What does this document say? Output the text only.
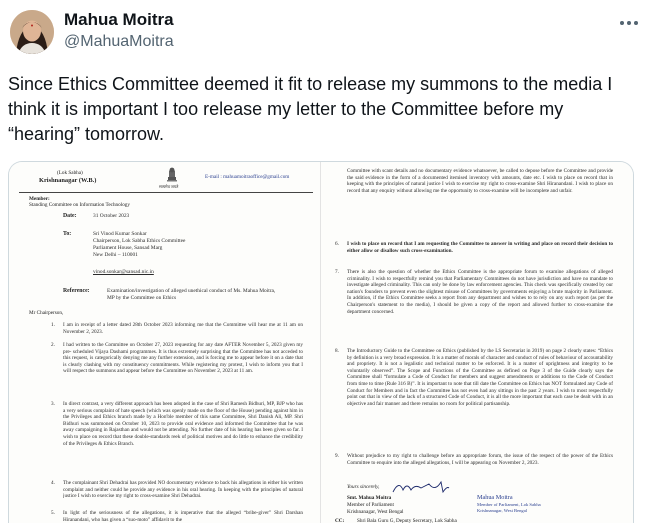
Mahua Moitra
@MahuaMoitra
Since Ethics Committee deemed it fit to release my summons to the media I think it is important I too release my letter to the Committee before my “hearing” tomorrow.
(Lok Sabha)
Krishnanagar (W.B.)
सत्यमेव जयते
E-mail : mahuamoitraoffice@gmail.com
Member:
Standing Committee on Information Technology
Date:	31 October 2023
To:	Sri Vinod Kumar Sonkar
Chairperson, Lok Sabha Ethics Committee
Parliament House, Sansad Marg
New Delhi – 110001
vinod.sonkar@sansad.nic.in
Reference:	Examination/investigation of alleged unethical conduct of Ms. Mahua Moitra,
MP by the Committee on Ethics
Mr Chairperson,
1. I am in receipt of a letter dated 28th October 2023 informing me that the Committee will hear me at 11 am on November 2, 2023.
2. I had written to the Committee on October 27, 2023 requesting for any date AFTER November 5, 2023 given my pre- scheduled Vijaya Dashami programmes. It is thus extremely surprising that the Committee has not acceded to this request, is categorically denying me any further extension, and is forcing me to appear before it on a date that is clearly clashing with my constituency commitments. While registering my protest, I wish to inform you that I will respect the summons and appear before the Committee on November 2, 2023 at 11 am.
3. In direct contrast, a very different approach has been adopted in the case of Shri Ramesh Bidhuri, MP, BJP who has a very serious complaint of hate speech (which was openly made on the floor of the House) pending against him in the Privileges and Ethics branch made by a Hon'ble member of this same Committee, Shri Danish Ali, MP. Shri Bidhuri was summoned on October 10, 2023 to provide oral evidence and informed the Committee that he was away campaigning in Rajasthan and would not be attending. No further date of his hearing has been given so far. I wish to place on record that these double-standards reek of political motives and do little to enhance the credibility of the Privileges & Ethics Branch.
4. The complainant Shri Dehadrai has provided NO documentary evidence to back his allegations in either his written complaint and neither could he provide any evidence in his oral hearing. In keeping with the principles of natural justice I wish to exercise my right to cross-examine Shri Dehadrai.
5. In light of the seriousness of the allegations, it is imperative that the alleged “bribe-giver” Shri Darshan Hiranandani, who has given a “suo-moto” affidavit to the
Committee with scant details and no documentary evidence whatsoever, be called to depose before the Committee and provide the said evidence in the form of a documented itemised inventory with amounts, date etc. I wish to place on record that in keeping with the principles of natural justice I wish to exercise my right to cross-examine Shri Hiranandani. I wish to place on record that any enquiry without allowing me the opportunity to cross-examine will be incomplete and unfair.
6. I wish to place on record that I am requesting the Committee to answer in writing and place on record their decision to either allow or disallow such cross-examination.
7. There is also the question of whether the Ethics Committee is the appropriate forum to examine allegations of alleged criminality. I wish to respectfully remind you that Parliamentary Committees do not have jurisdiction and have no mandate to investigate alleged criminality. This can only be done by law enforcement agencies. This check was specifically created by our nation's founders to prevent even the slightest misuse of Committees by governments enjoying a brute majority in Parliament. In addition, if the Ethics Committee seeks a report from any department and wishes to to rely on any such report (as per the Chairperson's statement to the media), I should be given a copy of the report and allowed further to cross-examine the department concerned.
8. The Introductory Guide to the Committee on Ethics (published by the LS Secretariat in 2019) on page 2 clearly states: “Ethics by definition is a very broad expression. It is a matter of morals of character and conduct of rules of behaviour of accountability and propriety. It is not a legalistic and technical matter to be enforced. It is a matter of uprightness and integrity to be voluntarily observed”. The Scope and Functions of the Committee as defined on Page 3 of the Guide clearly says the Committee shall “formulate a Code of Conduct for members and suggest amendments or additions to the Code of Conduct from time to time (Rule 316 B)”. It is important to note that till date the Committee on Ethics has NOT formulated any Code of Conduct for Members and in fact the Committee has not even had any sittings in the past 2 years. I wish to most respectfully point out that in view of the lack of a structured Code of Conduct, it is all the more important that each case be dealt with in an objective and fair manner and there remains no room for political partisanship.
9. Without prejudice to my right to challenge before an appropriate forum, the issue of the respect of the power of the Ethics Committee to enquire into the alleged allegations, I will be appearing on November 2, 2023.
Yours sincerely,
Smt. Mahua Moitra
Member of Parliament
Krishnanagar, West Bengal
Mahua Moitra
Member of Parliament, Lok Sabha
Krishnanagar, West Bengal
CC: Shri Bala Guru G, Deputy Secretary, Lok Sabha
